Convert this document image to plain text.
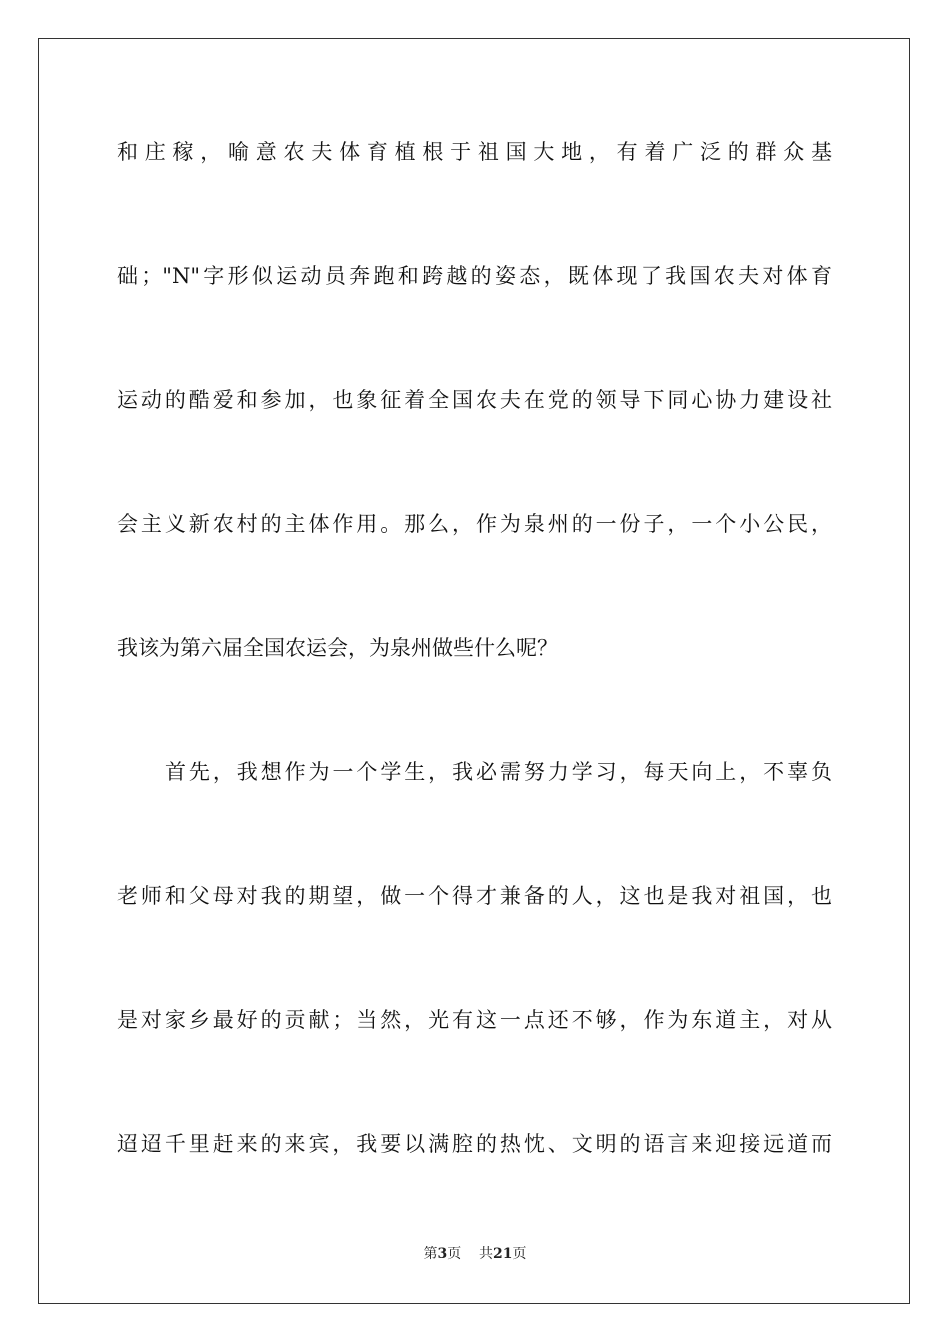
和庄稼，喻意农夫体育植根于祖国大地，有着广泛的群众基
础；"N"字形似运动员奔跑和跨越的姿态，既体现了我国农夫对体育
运动的酷爱和参加，也象征着全国农夫在党的领导下同心协力建设社
会主义新农村的主体作用。那么，作为泉州的一份子，一个小公民，
我该为第六届全国农运会，为泉州做些什么呢？
首先，我想作为一个学生，我必需努力学习，每天向上，不辜负
老师和父母对我的期望，做一个得才兼备的人，这也是我对祖国，也
是对家乡最好的贡献；当然，光有这一点还不够，作为东道主，对从
迢迢千里赶来的来宾，我要以满腔的热忱、文明的语言来迎接远道而
第3页 共21页
